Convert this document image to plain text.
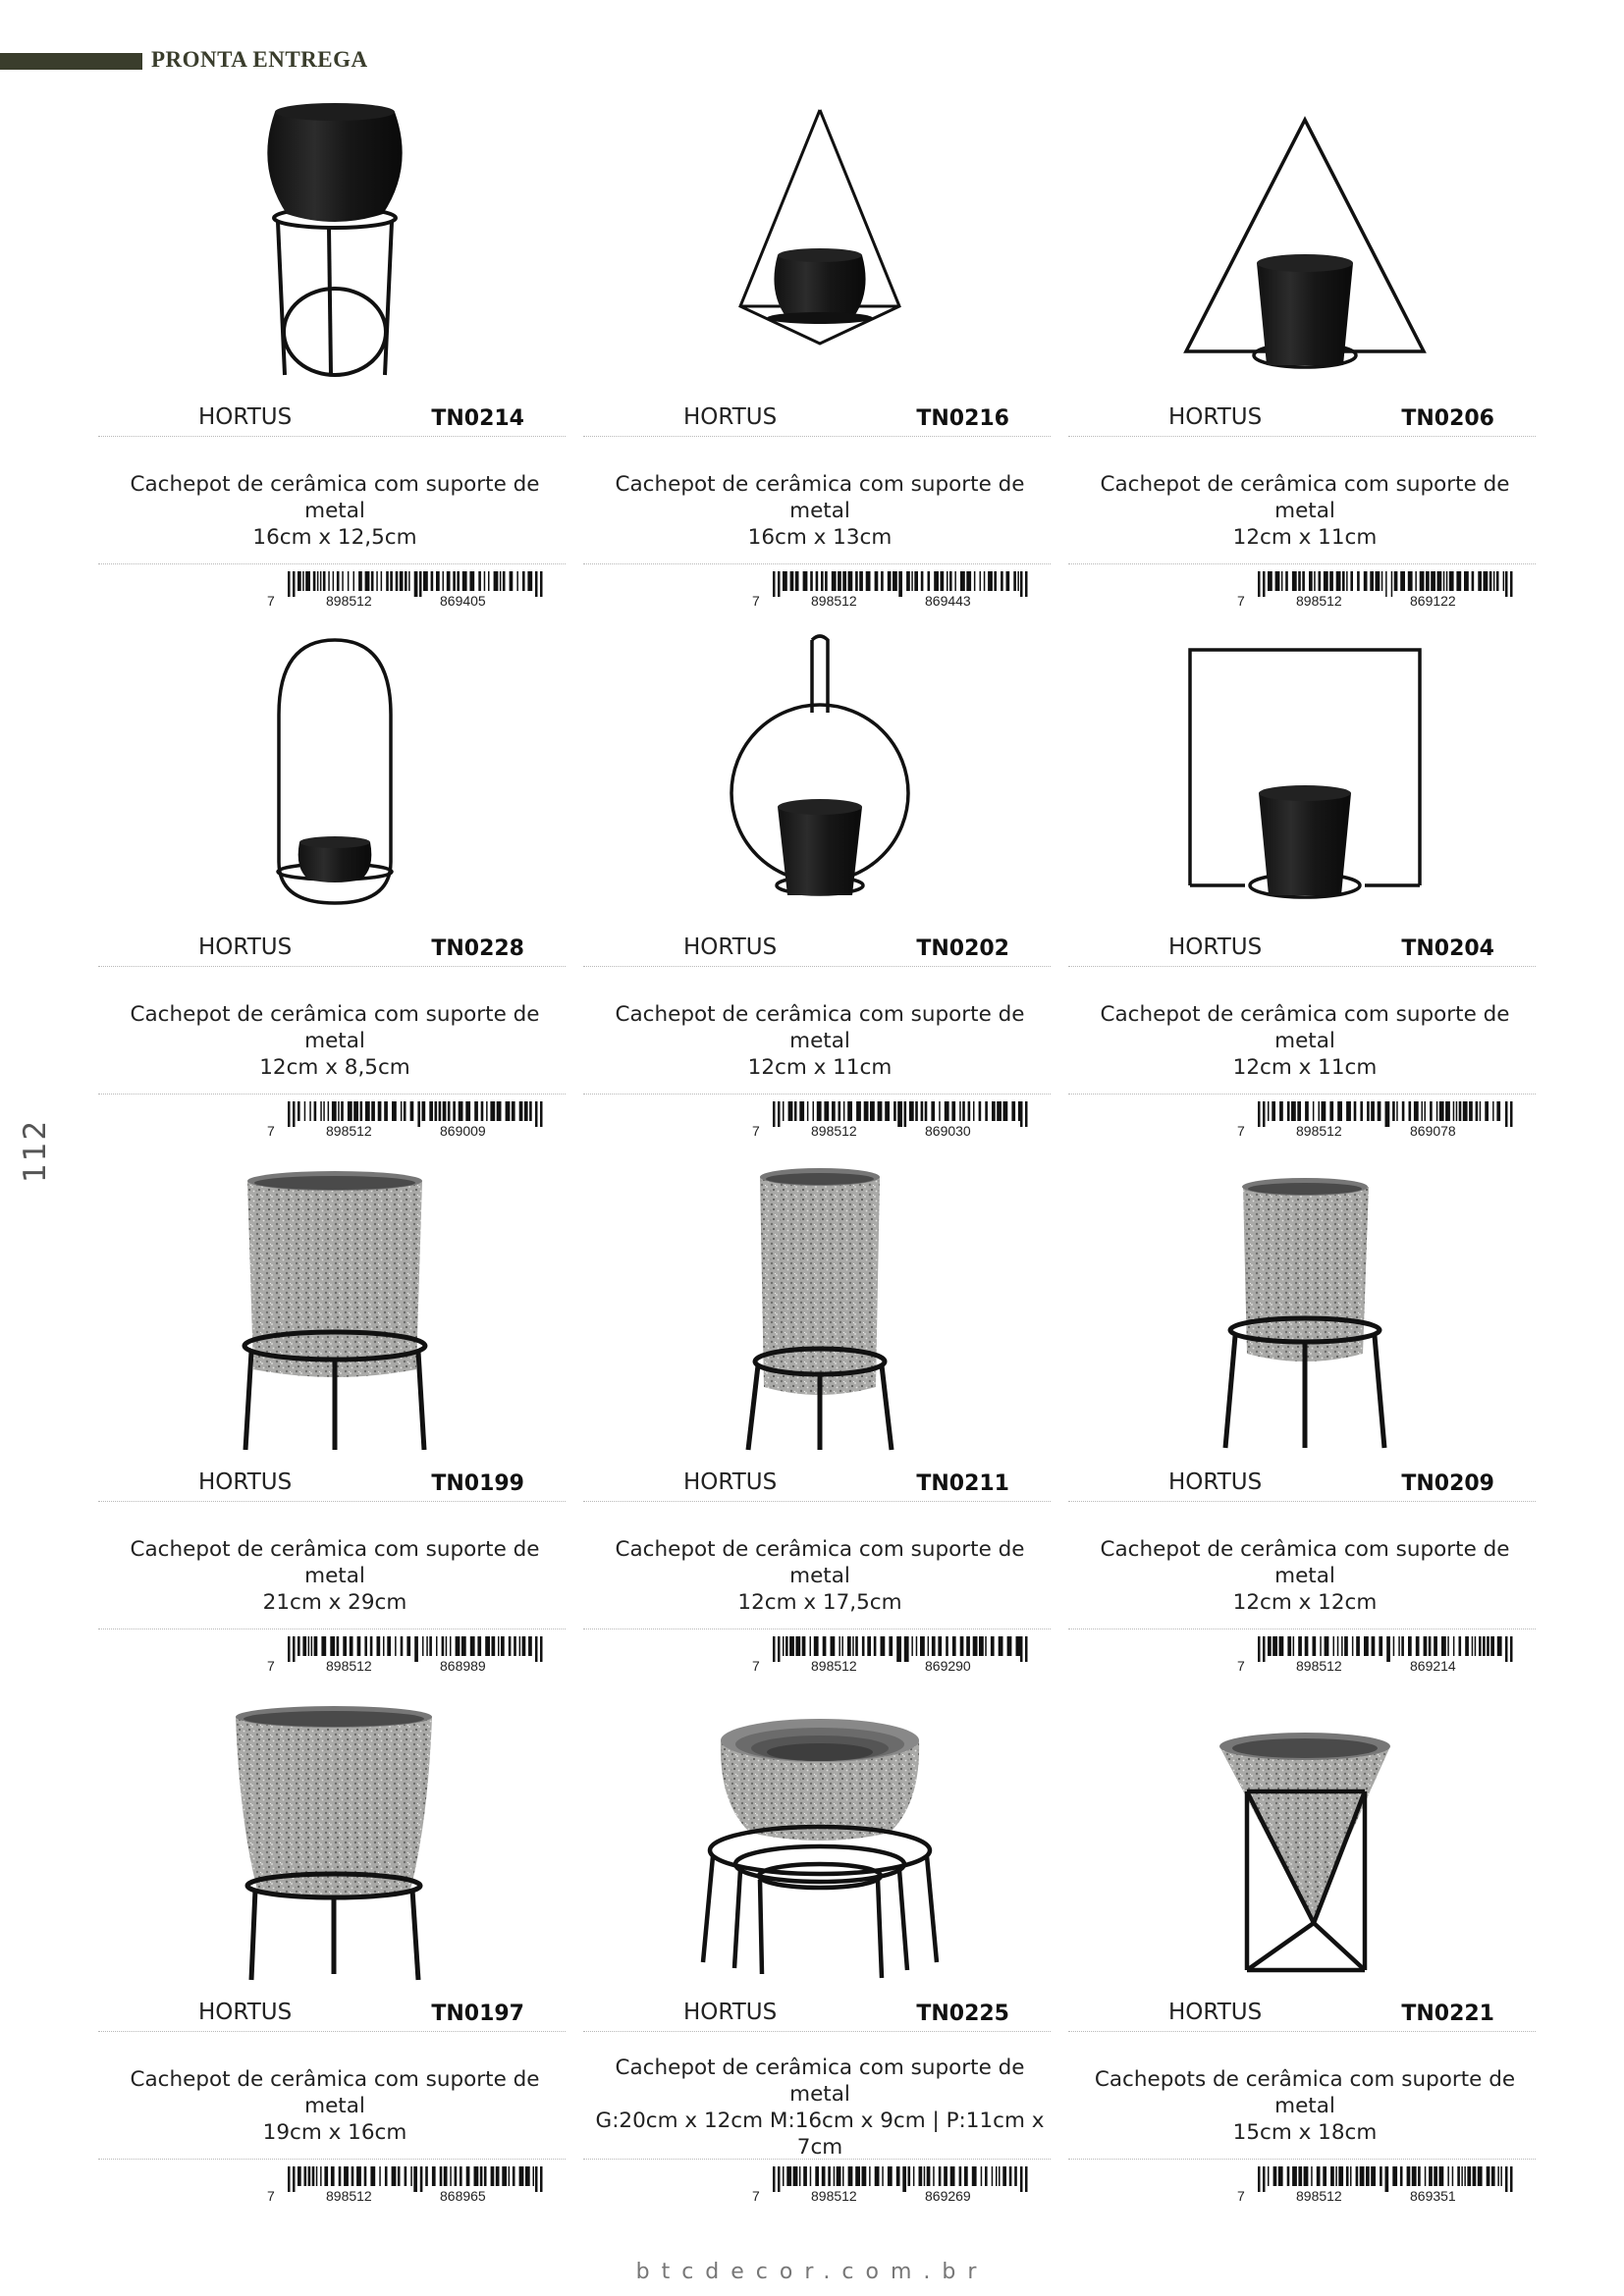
PRONTA ENTREGA
112
HORTUS	TN0214
Cachepot de cerâmica com suporte de metal
16cm x 12,5cm
7	898512	869405
HORTUS	TN0216
Cachepot de cerâmica com suporte de metal
16cm x 13cm
7	898512	869443
HORTUS	TN0206
Cachepot de cerâmica com suporte de metal
12cm x 11cm
7	898512	869122
HORTUS	TN0228
Cachepot de cerâmica com suporte de metal
12cm x 8,5cm
7	898512	869009
HORTUS	TN0202
Cachepot de cerâmica com suporte de metal
12cm x 11cm
7	898512	869030
HORTUS	TN0204
Cachepot de cerâmica com suporte de metal
12cm x 11cm
7	898512	869078
HORTUS	TN0199
Cachepot de cerâmica com suporte de metal
21cm x 29cm
7	898512	868989
HORTUS	TN0211
Cachepot de cerâmica com suporte de metal
12cm x 17,5cm
7	898512	869290
HORTUS	TN0209
Cachepot de cerâmica com suporte de metal
12cm x 12cm
7	898512	869214
HORTUS	TN0197
Cachepot de cerâmica com suporte de metal
19cm x 16cm
7	898512	868965
HORTUS	TN0225
Cachepot de cerâmica com suporte de metal
G:20cm x 12cm M:16cm x 9cm | P:11cm x 7cm
7	898512	869269
HORTUS	TN0221
Cachepots de cerâmica com suporte de metal
15cm x 18cm
7	898512	869351
btcdecor.com.br
